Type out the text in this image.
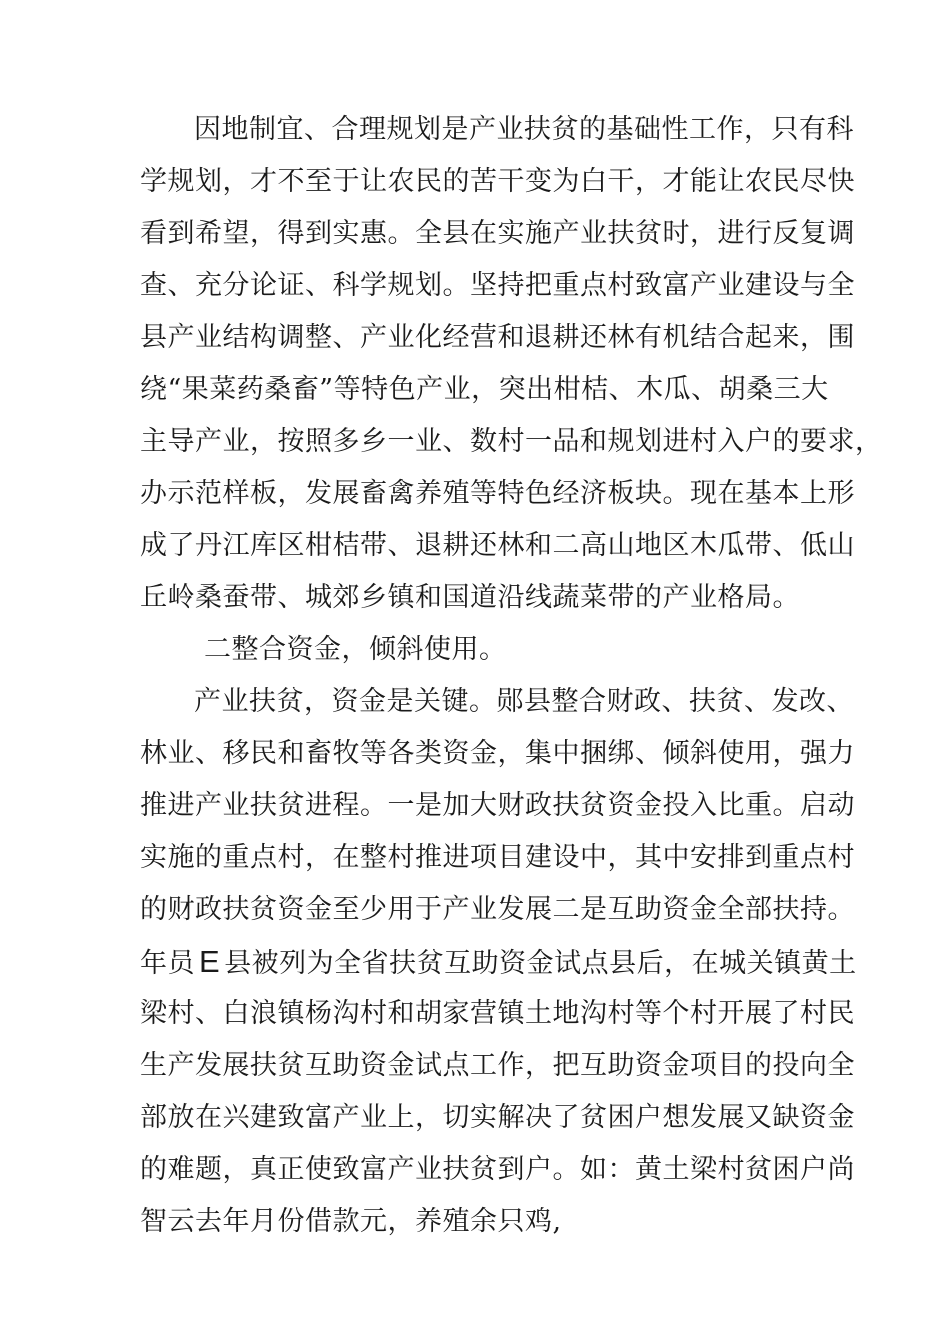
因地制宜、合理规划是产业扶贫的基础性工作，只有科
学规划，才不至于让农民的苦干变为白干，才能让农民尽快
看到希望，得到实惠。全县在实施产业扶贫时，进行反复调
查、充分论证、科学规划。坚持把重点村致富产业建设与全
县产业结构调整、产业化经营和退耕还林有机结合起来，围
绕“果菜药桑畜”等特色产业，突出柑桔、木瓜、胡桑三大
主导产业，按照多乡一业、数村一品和规划进村入户的要求，
办示范样板，发展畜禽养殖等特色经济板块。现在基本上形
成了丹江库区柑桔带、退耕还林和二高山地区木瓜带、低山
丘岭桑蚕带、城郊乡镇和国道沿线蔬菜带的产业格局。
二整合资金，倾斜使用。
产业扶贫，资金是关键。郧县整合财政、扶贫、发改、
林业、移民和畜牧等各类资金，集中捆绑、倾斜使用，强力
推进产业扶贫进程。一是加大财政扶贫资金投入比重。启动
实施的重点村，在整村推进项目建设中，其中安排到重点村
的财政扶贫资金至少用于产业发展二是互助资金全部扶持。
年员 E 县被列为全省扶贫互助资金试点县后，在城关镇黄土
梁村、白浪镇杨沟村和胡家营镇土地沟村等个村开展了村民
生产发展扶贫互助资金试点工作，把互助资金项目的投向全
部放在兴建致富产业上，切实解决了贫困户想发展又缺资金
的难题，真正使致富产业扶贫到户。如：黄土梁村贫困户尚
智云去年月份借款元，养殖余只鸡,
